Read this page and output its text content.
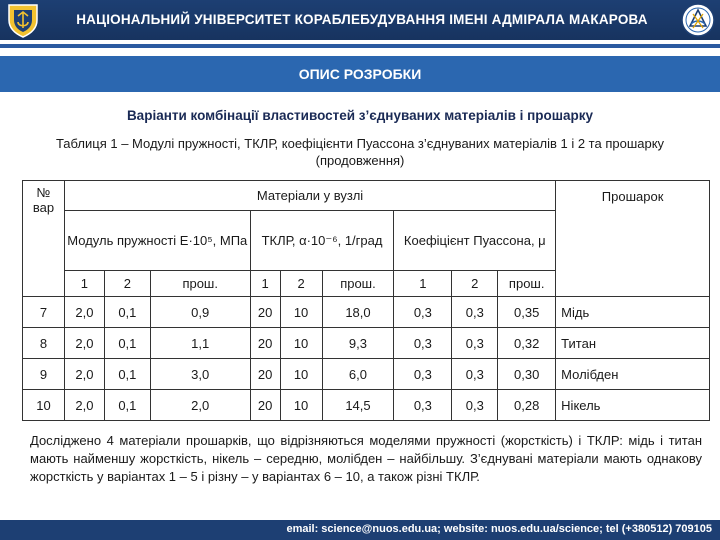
НАЦІОНАЛЬНИЙ УНІВЕРСИТЕТ КОРАБЛЕБУДУВАННЯ ІМЕНІ АДМІРАЛА МАКАРОВА
ОПИС РОЗРОБКИ
Варіанти комбінації властивостей з’єднуваних матеріалів і прошарку
Таблиця 1 – Модулі пружності, ТКЛР, коефіцієнти Пуассона з’єднуваних матеріалів 1 і 2 та прошарку (продовження)
№ вар	Матеріали у вузлі									Прошарок
	Модуль пружності E·10⁵, МПа			ТКЛР, α·10⁻⁶, 1/град			Коефіцієнт Пуассона, μ			
	1	2	прош.	1	2	прош.	1	2	прош.	
7	2,0	0,1	0,9	20	10	18,0	0,3	0,3	0,35	Мідь
8	2,0	0,1	1,1	20	10	9,3	0,3	0,3	0,32	Титан
9	2,0	0,1	3,0	20	10	6,0	0,3	0,3	0,30	Молібден
10	2,0	0,1	2,0	20	10	14,5	0,3	0,3	0,28	Нікель
Досліджено 4 матеріали прошарків, що відрізняються моделями пружності (жорсткість) і ТКЛР: мідь і титан мають найменшу жорсткість, нікель – середню, молібден – найбільшу. З’єднувані матеріали мають однакову жорсткість у варіантах 1 – 5 і різну – у варіантах 6 – 10, а також різні ТКЛР.
email: science@nuos.edu.ua; website: nuos.edu.ua/science; tel (+380512) 709105
